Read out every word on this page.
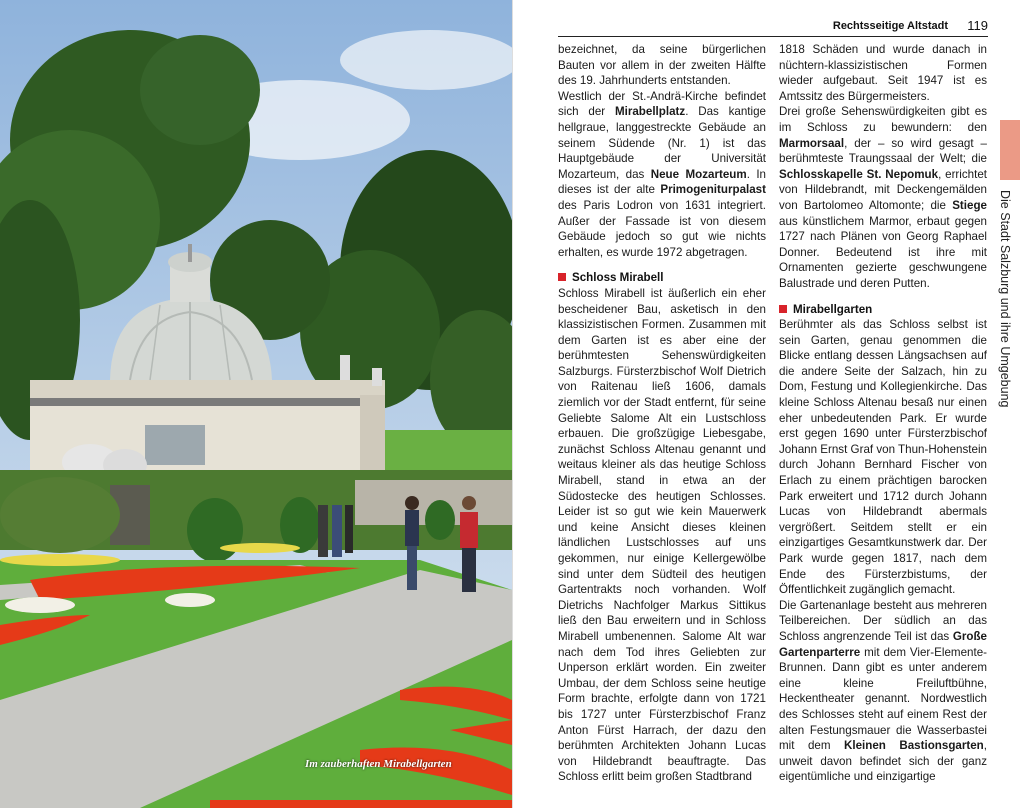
Im zauberhaften Mirabellgarten
Rechtsseitige Altstadt 119

bezeichnet, da seine bürgerlichen Bauten vor allem in der zweiten Hälfte des 19. Jahrhunderts entstanden.

Westlich der St.-Andrä-Kirche befindet sich der Mirabellplatz. Das kantige hellgraue, langgestreckte Gebäude an seinem Südende (Nr. 1) ist das Hauptgebäude der Universität Mozarteum, das Neue Mozarteum. In dieses ist der alte Primogeniturpalast des Paris Lodron von 1631 integriert. Außer der Fassade ist von diesem Gebäude jedoch so gut wie nichts erhalten, es wurde 1972 abgetragen.

Schloss Mirabell

Schloss Mirabell ist äußerlich ein eher bescheidener Bau, asketisch in den klassizistischen Formen. Zusammen mit dem Garten ist es aber eine der berühmtesten Sehenswürdigkeiten Salzburgs. Fürsterzbischof Wolf Dietrich von Raitenau ließ 1606, damals ziemlich vor der Stadt entfernt, für seine Geliebte Salome Alt ein Lustschloss erbauen. Die großzügige Liebesgabe, zunächst Schloss Altenau genannt und weitaus kleiner als das heutige Schloss Mirabell, stand in etwa an der Südostecke des heutigen Schlosses. Leider ist so gut wie kein Mauerwerk und keine Ansicht dieses kleinen ländlichen Lustschlosses auf uns gekommen, nur einige Kellergewölbe sind unter dem Südteil des heutigen Gartentrakts noch vorhanden. Wolf Dietrichs Nachfolger Markus Sittikus ließ den Bau erweitern und in Schloss Mirabell umbenennen. Salome Alt war nach dem Tod ihres Geliebten zur Unperson erklärt worden. Ein zweiter Umbau, der dem Schloss seine heutige Form brachte, erfolgte dann von 1721 bis 1727 unter Fürsterzbischof Franz Anton Fürst Harrach, der dazu den berühmten Architekten Johann Lucas von Hildebrandt beauftragte. Das Schloss erlitt beim großen Stadtbrand

1818 Schäden und wurde danach in nüchtern-klassizistischen Formen wieder aufgebaut. Seit 1947 ist es Amtssitz des Bürgermeisters.

Drei große Sehenswürdigkeiten gibt es im Schloss zu bewundern: den Marmorsaal, der – so wird gesagt – berühmteste Traungssaal der Welt; die Schlosskapelle St. Nepomuk, errichtet von Hildebrandt, mit Deckengemälden von Bartolomeo Altomonte; die Stiege aus künstlichem Marmor, erbaut gegen 1727 nach Plänen von Georg Raphael Donner. Bedeutend ist ihre mit Ornamenten gezierte geschwungene Balustrade und deren Putten.

Mirabellgarten

Berühmter als das Schloss selbst ist sein Garten, genau genommen die Blicke entlang dessen Längsachsen auf die andere Seite der Salzach, hin zu Dom, Festung und Kollegienkirche. Das kleine Schloss Altenau besaß nur einen eher unbedeutenden Park. Er wurde erst gegen 1690 unter Fürsterzbischof Johann Ernst Graf von Thun-Hohenstein durch Johann Bernhard Fischer von Erlach zu einem prächtigen barocken Park erweitert und 1712 durch Johann Lucas von Hildebrandt abermals vergrößert. Seitdem stellt er ein einzigartiges Gesamtkunstwerk dar. Der Park wurde gegen 1817, nach dem Ende des Fürsterzbistums, der Öffentlichkeit zugänglich gemacht.

Die Gartenanlage besteht aus mehreren Teilbereichen. Der südlich an das Schloss angrenzende Teil ist das Große Gartenparterre mit dem Vier-Elemente-Brunnen. Dann gibt es unter anderem eine kleine Freiluftbühne, Heckentheater genannt. Nordwestlich des Schlosses steht auf einem Rest der alten Festungsmauer die Wasserbastei mit dem Kleinen Bastionsgarten, unweit davon befindet sich der ganz eigentümliche und einzigartige

Die Stadt Salzburg und ihre Umgebung
